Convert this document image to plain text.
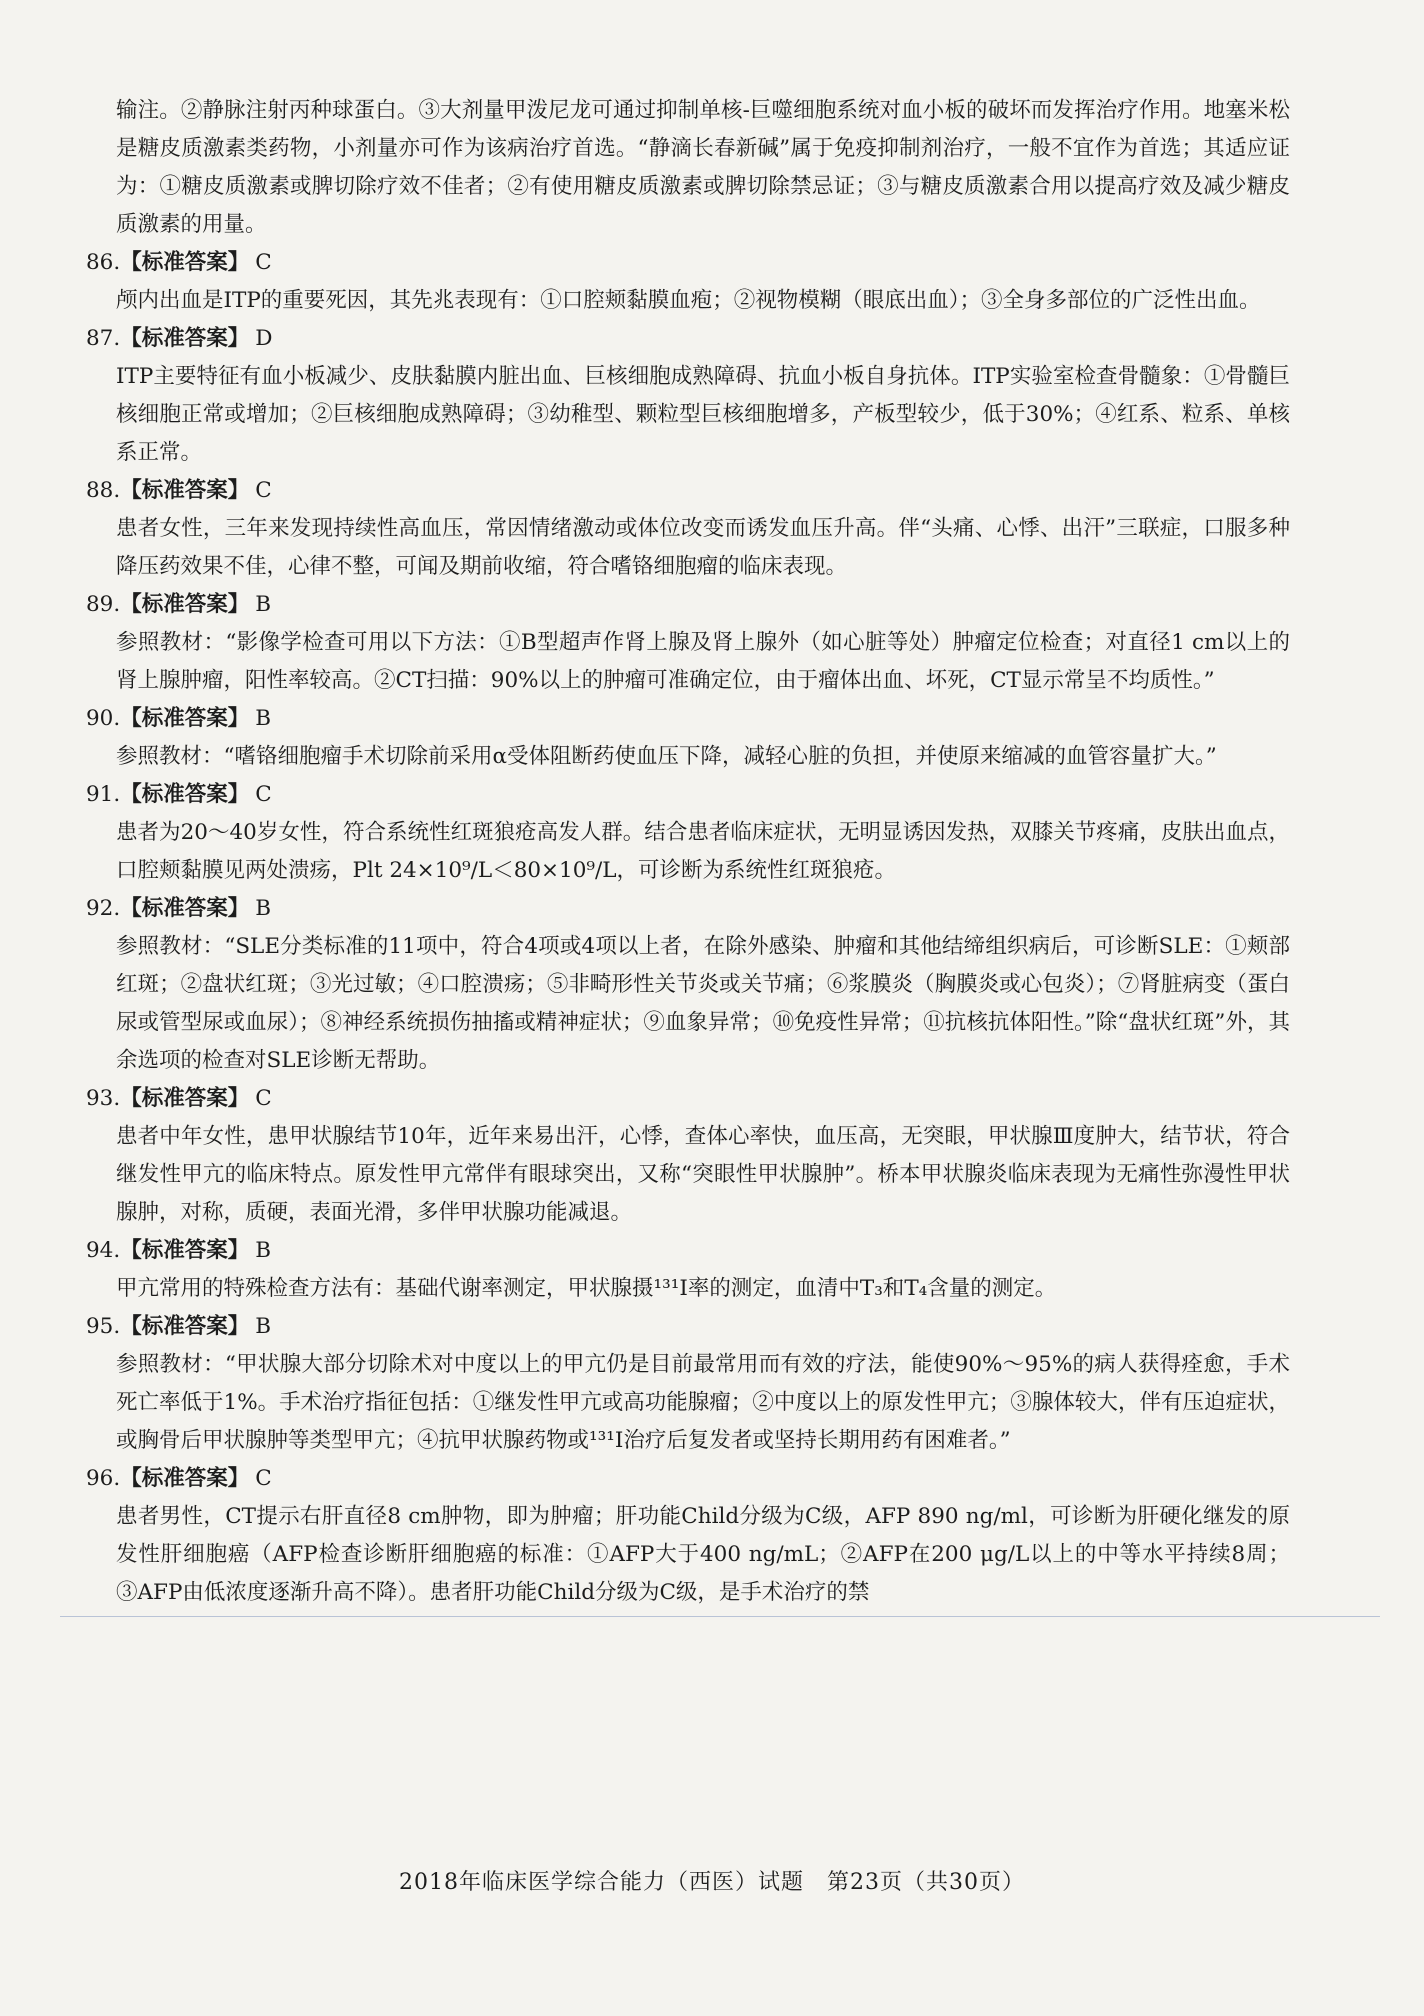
输注。②静脉注射丙种球蛋白。③大剂量甲泼尼龙可通过抑制单核-巨噬细胞系统对血小板的破坏而发挥治疗作用。地塞米松是糖皮质激素类药物，小剂量亦可作为该病治疗首选。“静滴长春新碱”属于免疫抑制剂治疗，一般不宜作为首选；其适应证为：①糖皮质激素或脾切除疗效不佳者；②有使用糖皮质激素或脾切除禁忌证；③与糖皮质激素合用以提高疗效及减少糖皮质激素的用量。

86.【标准答案】 C

颅内出血是ITP的重要死因，其先兆表现有：①口腔颊黏膜血疱；②视物模糊（眼底出血）；③全身多部位的广泛性出血。

87.【标准答案】 D

ITP主要特征有血小板减少、皮肤黏膜内脏出血、巨核细胞成熟障碍、抗血小板自身抗体。ITP实验室检查骨髓象：①骨髓巨核细胞正常或增加；②巨核细胞成熟障碍；③幼稚型、颗粒型巨核细胞增多，产板型较少，低于30%；④红系、粒系、单核系正常。

88.【标准答案】 C

患者女性，三年来发现持续性高血压，常因情绪激动或体位改变而诱发血压升高。伴“头痛、心悸、出汗”三联症，口服多种降压药效果不佳，心律不整，可闻及期前收缩，符合嗜铬细胞瘤的临床表现。

89.【标准答案】 B

参照教材：“影像学检查可用以下方法：①B型超声作肾上腺及肾上腺外（如心脏等处）肿瘤定位检查；对直径1 cm以上的肾上腺肿瘤，阳性率较高。②CT扫描：90%以上的肿瘤可准确定位，由于瘤体出血、坏死，CT显示常呈不均质性。”

90.【标准答案】 B

参照教材：“嗜铬细胞瘤手术切除前采用α受体阻断药使血压下降，减轻心脏的负担，并使原来缩减的血管容量扩大。”

91.【标准答案】 C

患者为20～40岁女性，符合系统性红斑狼疮高发人群。结合患者临床症状，无明显诱因发热，双膝关节疼痛，皮肤出血点，口腔颊黏膜见两处溃疡，Plt 24×10⁹/L＜80×10⁹/L，可诊断为系统性红斑狼疮。

92.【标准答案】 B

参照教材：“SLE分类标准的11项中，符合4项或4项以上者，在除外感染、肿瘤和其他结缔组织病后，可诊断SLE：①颊部红斑；②盘状红斑；③光过敏；④口腔溃疡；⑤非畸形性关节炎或关节痛；⑥浆膜炎（胸膜炎或心包炎）；⑦肾脏病变（蛋白尿或管型尿或血尿）；⑧神经系统损伤抽搐或精神症状；⑨血象异常；⑩免疫性异常；⑪抗核抗体阳性。”除“盘状红斑”外，其余选项的检查对SLE诊断无帮助。

93.【标准答案】 C

患者中年女性，患甲状腺结节10年，近年来易出汗，心悸，查体心率快，血压高，无突眼，甲状腺Ⅲ度肿大，结节状，符合继发性甲亢的临床特点。原发性甲亢常伴有眼球突出，又称“突眼性甲状腺肿”。桥本甲状腺炎临床表现为无痛性弥漫性甲状腺肿，对称，质硬，表面光滑，多伴甲状腺功能减退。

94.【标准答案】 B

甲亢常用的特殊检查方法有：基础代谢率测定，甲状腺摄¹³¹I率的测定，血清中T₃和T₄含量的测定。

95.【标准答案】 B

参照教材：“甲状腺大部分切除术对中度以上的甲亢仍是目前最常用而有效的疗法，能使90%～95%的病人获得痊愈，手术死亡率低于1%。手术治疗指征包括：①继发性甲亢或高功能腺瘤；②中度以上的原发性甲亢；③腺体较大，伴有压迫症状，或胸骨后甲状腺肿等类型甲亢；④抗甲状腺药物或¹³¹I治疗后复发者或坚持长期用药有困难者。”

96.【标准答案】 C

患者男性，CT提示右肝直径8 cm肿物，即为肿瘤；肝功能Child分级为C级，AFP 890 ng/ml，可诊断为肝硬化继发的原发性肝细胞癌（AFP检查诊断肝细胞癌的标准：①AFP大于400 ng/mL；②AFP在200 μg/L以上的中等水平持续8周；③AFP由低浓度逐渐升高不降）。患者肝功能Child分级为C级，是手术治疗的禁

2018年临床医学综合能力（西医）试题　第23页（共30页）
